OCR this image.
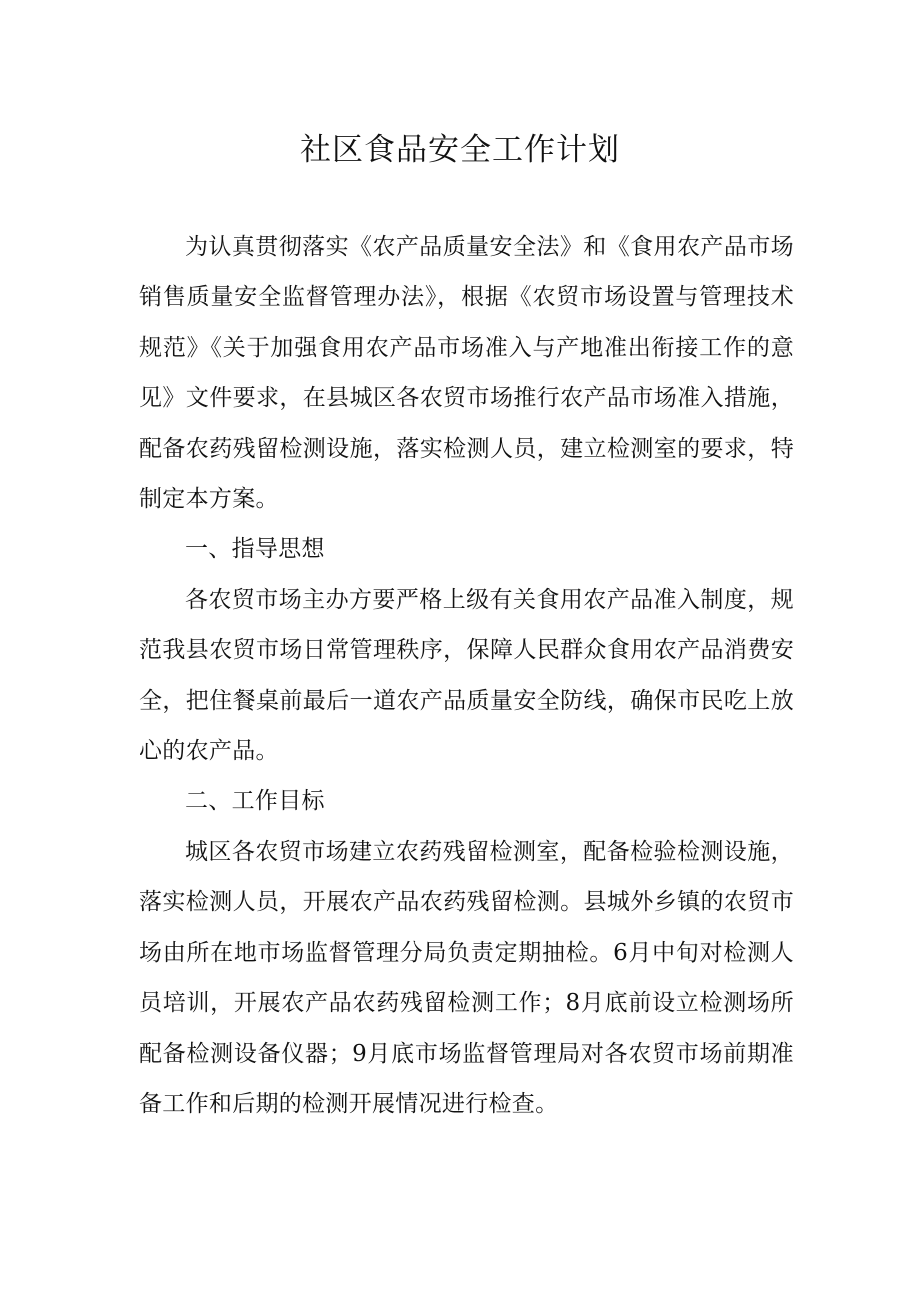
社区食品安全工作计划

为认真贯彻落实《农产品质量安全法》和《食用农产品市场销售质量安全监督管理办法》，根据《农贸市场设置与管理技术规范》《关于加强食用农产品市场准入与产地准出衔接工作的意见》文件要求，在县城区各农贸市场推行农产品市场准入措施，配备农药残留检测设施，落实检测人员，建立检测室的要求，特制定本方案。

一、指导思想

各农贸市场主办方要严格上级有关食用农产品准入制度，规范我县农贸市场日常管理秩序，保障人民群众食用农产品消费安全，把住餐桌前最后一道农产品质量安全防线，确保市民吃上放心的农产品。

二、工作目标

城区各农贸市场建立农药残留检测室，配备检验检测设施，落实检测人员，开展农产品农药残留检测。县城外乡镇的农贸市场由所在地市场监督管理分局负责定期抽检。6月中旬对检测人员培训，开展农产品农药残留检测工作；8月底前设立检测场所配备检测设备仪器；9月底市场监督管理局对各农贸市场前期准备工作和后期的检测开展情况进行检查。
